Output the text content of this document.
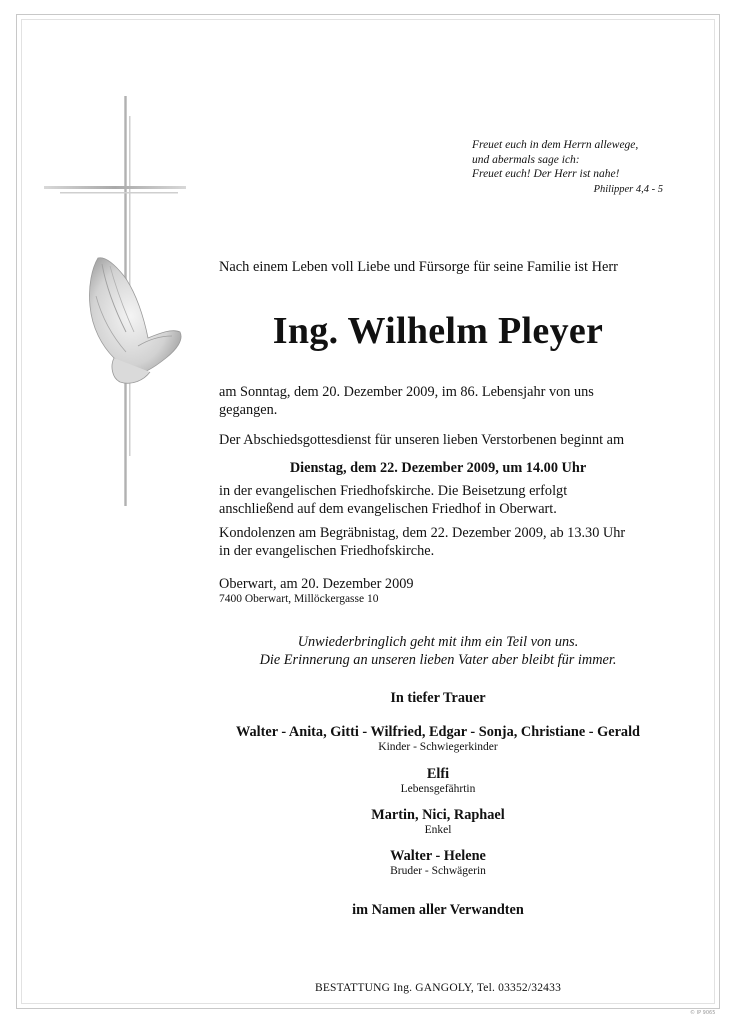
Freuet euch in dem Herrn allewege,
und abermals sage ich:
Freuet euch! Der Herr ist nahe!
Philipper 4,4 - 5
Nach einem Leben voll Liebe und Fürsorge für seine Familie ist Herr
Ing. Wilhelm Pleyer
am Sonntag, dem 20. Dezember 2009, im 86. Lebensjahr von uns
gegangen.
Der Abschiedsgottesdienst für unseren lieben Verstorbenen beginnt am
Dienstag, dem 22. Dezember 2009, um 14.00 Uhr
in der evangelischen Friedhofskirche. Die Beisetzung erfolgt
anschließend auf dem evangelischen Friedhof in Oberwart.
Kondolenzen am Begräbnistag, dem 22. Dezember 2009, ab 13.30 Uhr
in der evangelischen Friedhofskirche.
Oberwart, am 20. Dezember 2009
7400 Oberwart, Millöckergasse 10
Unwiederbringlich geht mit ihm ein Teil von uns.
Die Erinnerung an unseren lieben Vater aber bleibt für immer.
In tiefer Trauer
Walter - Anita, Gitti - Wilfried, Edgar - Sonja, Christiane - Gerald
Kinder - Schwiegerkinder
Elfi
Lebensgefährtin
Martin, Nici, Raphael
Enkel
Walter - Helene
Bruder - Schwägerin
im Namen aller Verwandten
BESTATTUNG Ing. GANGOLY, Tel. 03352/32433
© IP 9065
